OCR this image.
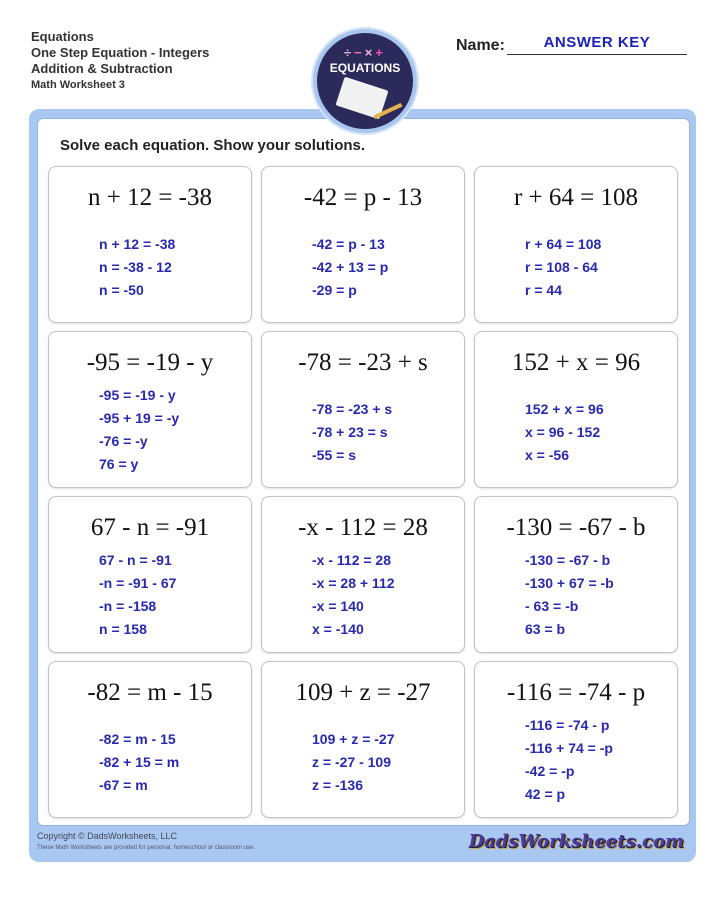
Equations
One Step Equation - Integers
Addition & Subtraction
Math Worksheet 3
÷−×+
EQUATIONS
Name:	ANSWER KEY
Solve each equation. Show your solutions.
n + 12 = -38
n + 12 = -38
n = -38 - 12
n = -50
-42 = p - 13
-42 = p - 13
-42 + 13 = p
-29 = p
r + 64 = 108
r + 64 = 108
r = 108 - 64
r = 44
-95 = -19 - y
-95 = -19 - y
-95 + 19 = -y
-76 = -y
76 = y
-78 = -23 + s
-78 = -23 + s
-78 + 23 = s
-55 = s
152 + x = 96
152 + x = 96
x = 96 - 152
x = -56
67 - n = -91
67 - n = -91
-n = -91 - 67
-n = -158
n = 158
-x - 112 = 28
-x - 112 = 28
-x = 28 + 112
-x = 140
x = -140
-130 = -67 - b
-130 = -67 - b
-130 + 67 = -b
- 63 = -b
63 = b
-82 = m - 15
-82 = m - 15
-82 + 15 = m
-67 = m
109 + z = -27
109 + z = -27
z = -27 - 109
z = -136
-116 = -74 - p
-116 = -74 - p
-116 + 74 = -p
-42 = -p
42 = p
Copyright © DadsWorksheets, LLC
These Math Worksheets are provided for personal, homeschool or classroom use.	DadsWorksheets.com
